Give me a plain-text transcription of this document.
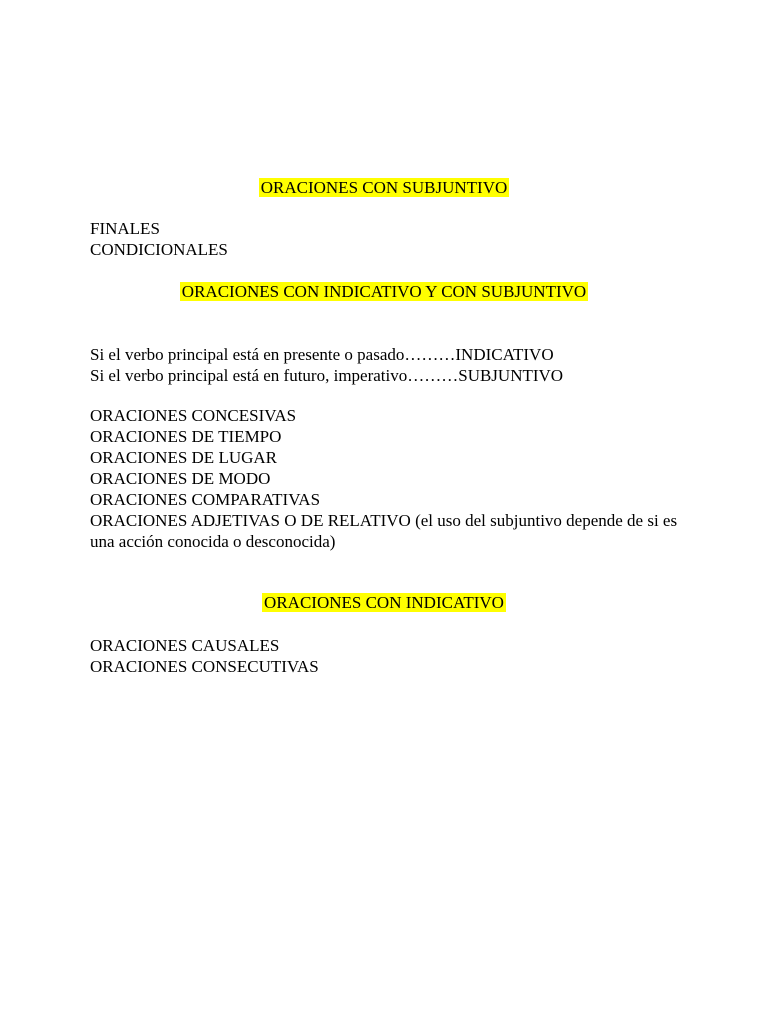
ORACIONES CON SUBJUNTIVO
FINALES
CONDICIONALES
ORACIONES CON INDICATIVO Y CON SUBJUNTIVO
Si el verbo principal está en presente o pasado………INDICATIVO
Si el verbo principal está en futuro, imperativo………SUBJUNTIVO
ORACIONES CONCESIVAS
ORACIONES DE TIEMPO
ORACIONES DE LUGAR
ORACIONES DE MODO
ORACIONES COMPARATIVAS
ORACIONES ADJETIVAS O DE RELATIVO (el uso del subjuntivo depende de si es una acción conocida o desconocida)
ORACIONES CON INDICATIVO
ORACIONES CAUSALES
ORACIONES CONSECUTIVAS
